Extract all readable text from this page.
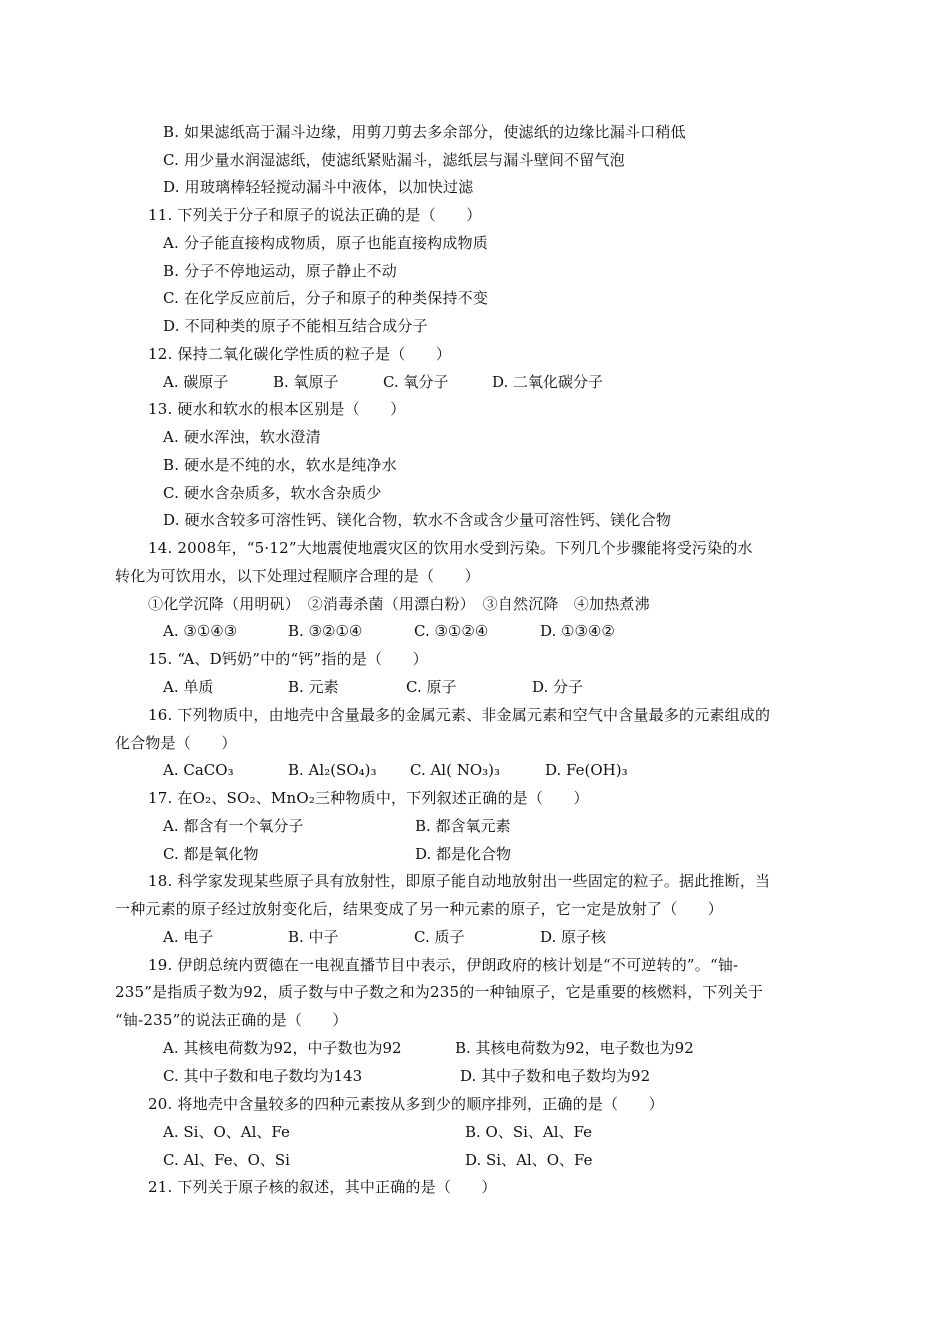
B. 如果滤纸高于漏斗边缘，用剪刀剪去多余部分，使滤纸的边缘比漏斗口稍低
C. 用少量水润湿滤纸，使滤纸紧贴漏斗，滤纸层与漏斗壁间不留气泡
D. 用玻璃棒轻轻搅动漏斗中液体，以加快过滤
11. 下列关于分子和原子的说法正确的是（　　）
A. 分子能直接构成物质，原子也能直接构成物质
B. 分子不停地运动，原子静止不动
C. 在化学反应前后，分子和原子的种类保持不变
D. 不同种类的原子不能相互结合成分子
12. 保持二氧化碳化学性质的粒子是（　　）
A. 碳原子	B. 氧原子	C. 氧分子	D. 二氧化碳分子
13. 硬水和软水的根本区别是（　　）
A. 硬水浑浊，软水澄清
B. 硬水是不纯的水，软水是纯净水
C. 硬水含杂质多，软水含杂质少
D. 硬水含较多可溶性钙、镁化合物，软水不含或含少量可溶性钙、镁化合物
14. 2008年，“5·12”大地震使地震灾区的饮用水受到污染。下列几个步骤能将受污染的水
转化为可饮用水，以下处理过程顺序合理的是（　　）
①化学沉降（用明矾）　②消毒杀菌（用漂白粉）　③自然沉降　④加热煮沸
A. ③①④③	B. ③②①④	C. ③①②④	D. ①③④②
15. “A、D钙奶”中的“钙”指的是（　　）
A. 单质	B. 元素	C. 原子	D. 分子
16. 下列物质中，由地壳中含量最多的金属元素、非金属元素和空气中含量最多的元素组成的
化合物是（　　）
A. CaCO₃	B. Al₂(SO₄)₃ C. Al( NO₃)₃	D. Fe(OH)₃
17. 在O₂、SO₂、MnO₂三种物质中，下列叙述正确的是（　　）
A. 都含有一个氧分子	B. 都含氧元素
C. 都是氧化物	D. 都是化合物
18. 科学家发现某些原子具有放射性，即原子能自动地放射出一些固定的粒子。据此推断，当
一种元素的原子经过放射变化后，结果变成了另一种元素的原子，它一定是放射了（　　）
A. 电子	B. 中子	C. 质子	D. 原子核
19. 伊朗总统内贾德在一电视直播节目中表示，伊朗政府的核计划是“不可逆转的”。“铀-
235”是指质子数为92，质子数与中子数之和为235的一种铀原子，它是重要的核燃料，下列关于
“铀-235”的说法正确的是（　　）
A. 其核电荷数为92，中子数也为92	B. 其核电荷数为92，电子数也为92
C. 其中子数和电子数均为143	D. 其中子数和电子数均为92
20. 将地壳中含量较多的四种元素按从多到少的顺序排列，正确的是（　　）
A. Si、O、Al、Fe	B. O、Si、Al、Fe
C. Al、Fe、O、Si	D. Si、Al、O、Fe
21. 下列关于原子核的叙述，其中正确的是（　　）
